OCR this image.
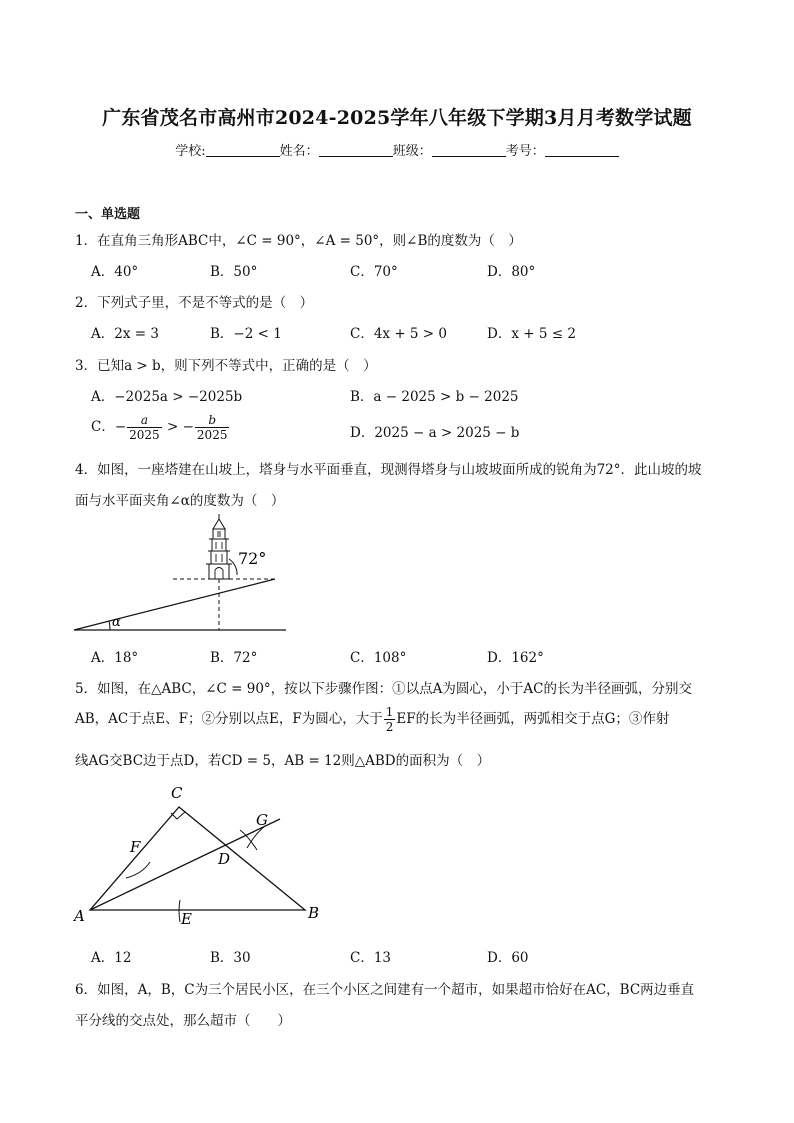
广东省茂名市高州市2024-2025学年八年级下学期3月月考数学试题
学校:	姓名：	班级：	考号：
一、单选题
1．在直角三角形ABC中，∠C = 90°，∠A = 50°，则∠B的度数为（　）
A．40°	B．50°	C．70°	D．80°
2．下列式子里，不是不等式的是（　）
A．2x = 3	B．−2 < 1	C．4x + 5 > 0	D．x + 5 ≤ 2
3．已知a > b，则下列不等式中，正确的是（　）
A．−2025a > −2025b	B．a − 2025 > b − 2025
C．− $\frac{a}{2025}$ > − $\frac{b}{2025}$	D．2025 − a > 2025 − b
4．如图，一座塔建在山坡上，塔身与水平面垂直，现测得塔身与山坡坡面所成的锐角为72°．此山坡的坡
面与水平面夹角∠α的度数为（　）
72°
α
A．18°	B．72°	C．108°	D．162°
5．如图，在△ABC，∠C = 90°，按以下步骤作图：①以点A为圆心，小于AC的长为半径画弧，分别交
AB，AC于点E、F；②分别以点E，F为圆心，大于 $\frac{1}{2}$ EF的长为半径画弧，两弧相交于点G；③作射
线AG交BC边于点D，若CD = 5，AB = 12则△ABD的面积为（　）
C
A	B
D
E
F
G
A．12	B．30	C．13	D．60
6．如图，A，B，C为三个居民小区，在三个小区之间建有一个超市，如果超市恰好在AC，BC两边垂直
平分线的交点处，那么超市（　　）
